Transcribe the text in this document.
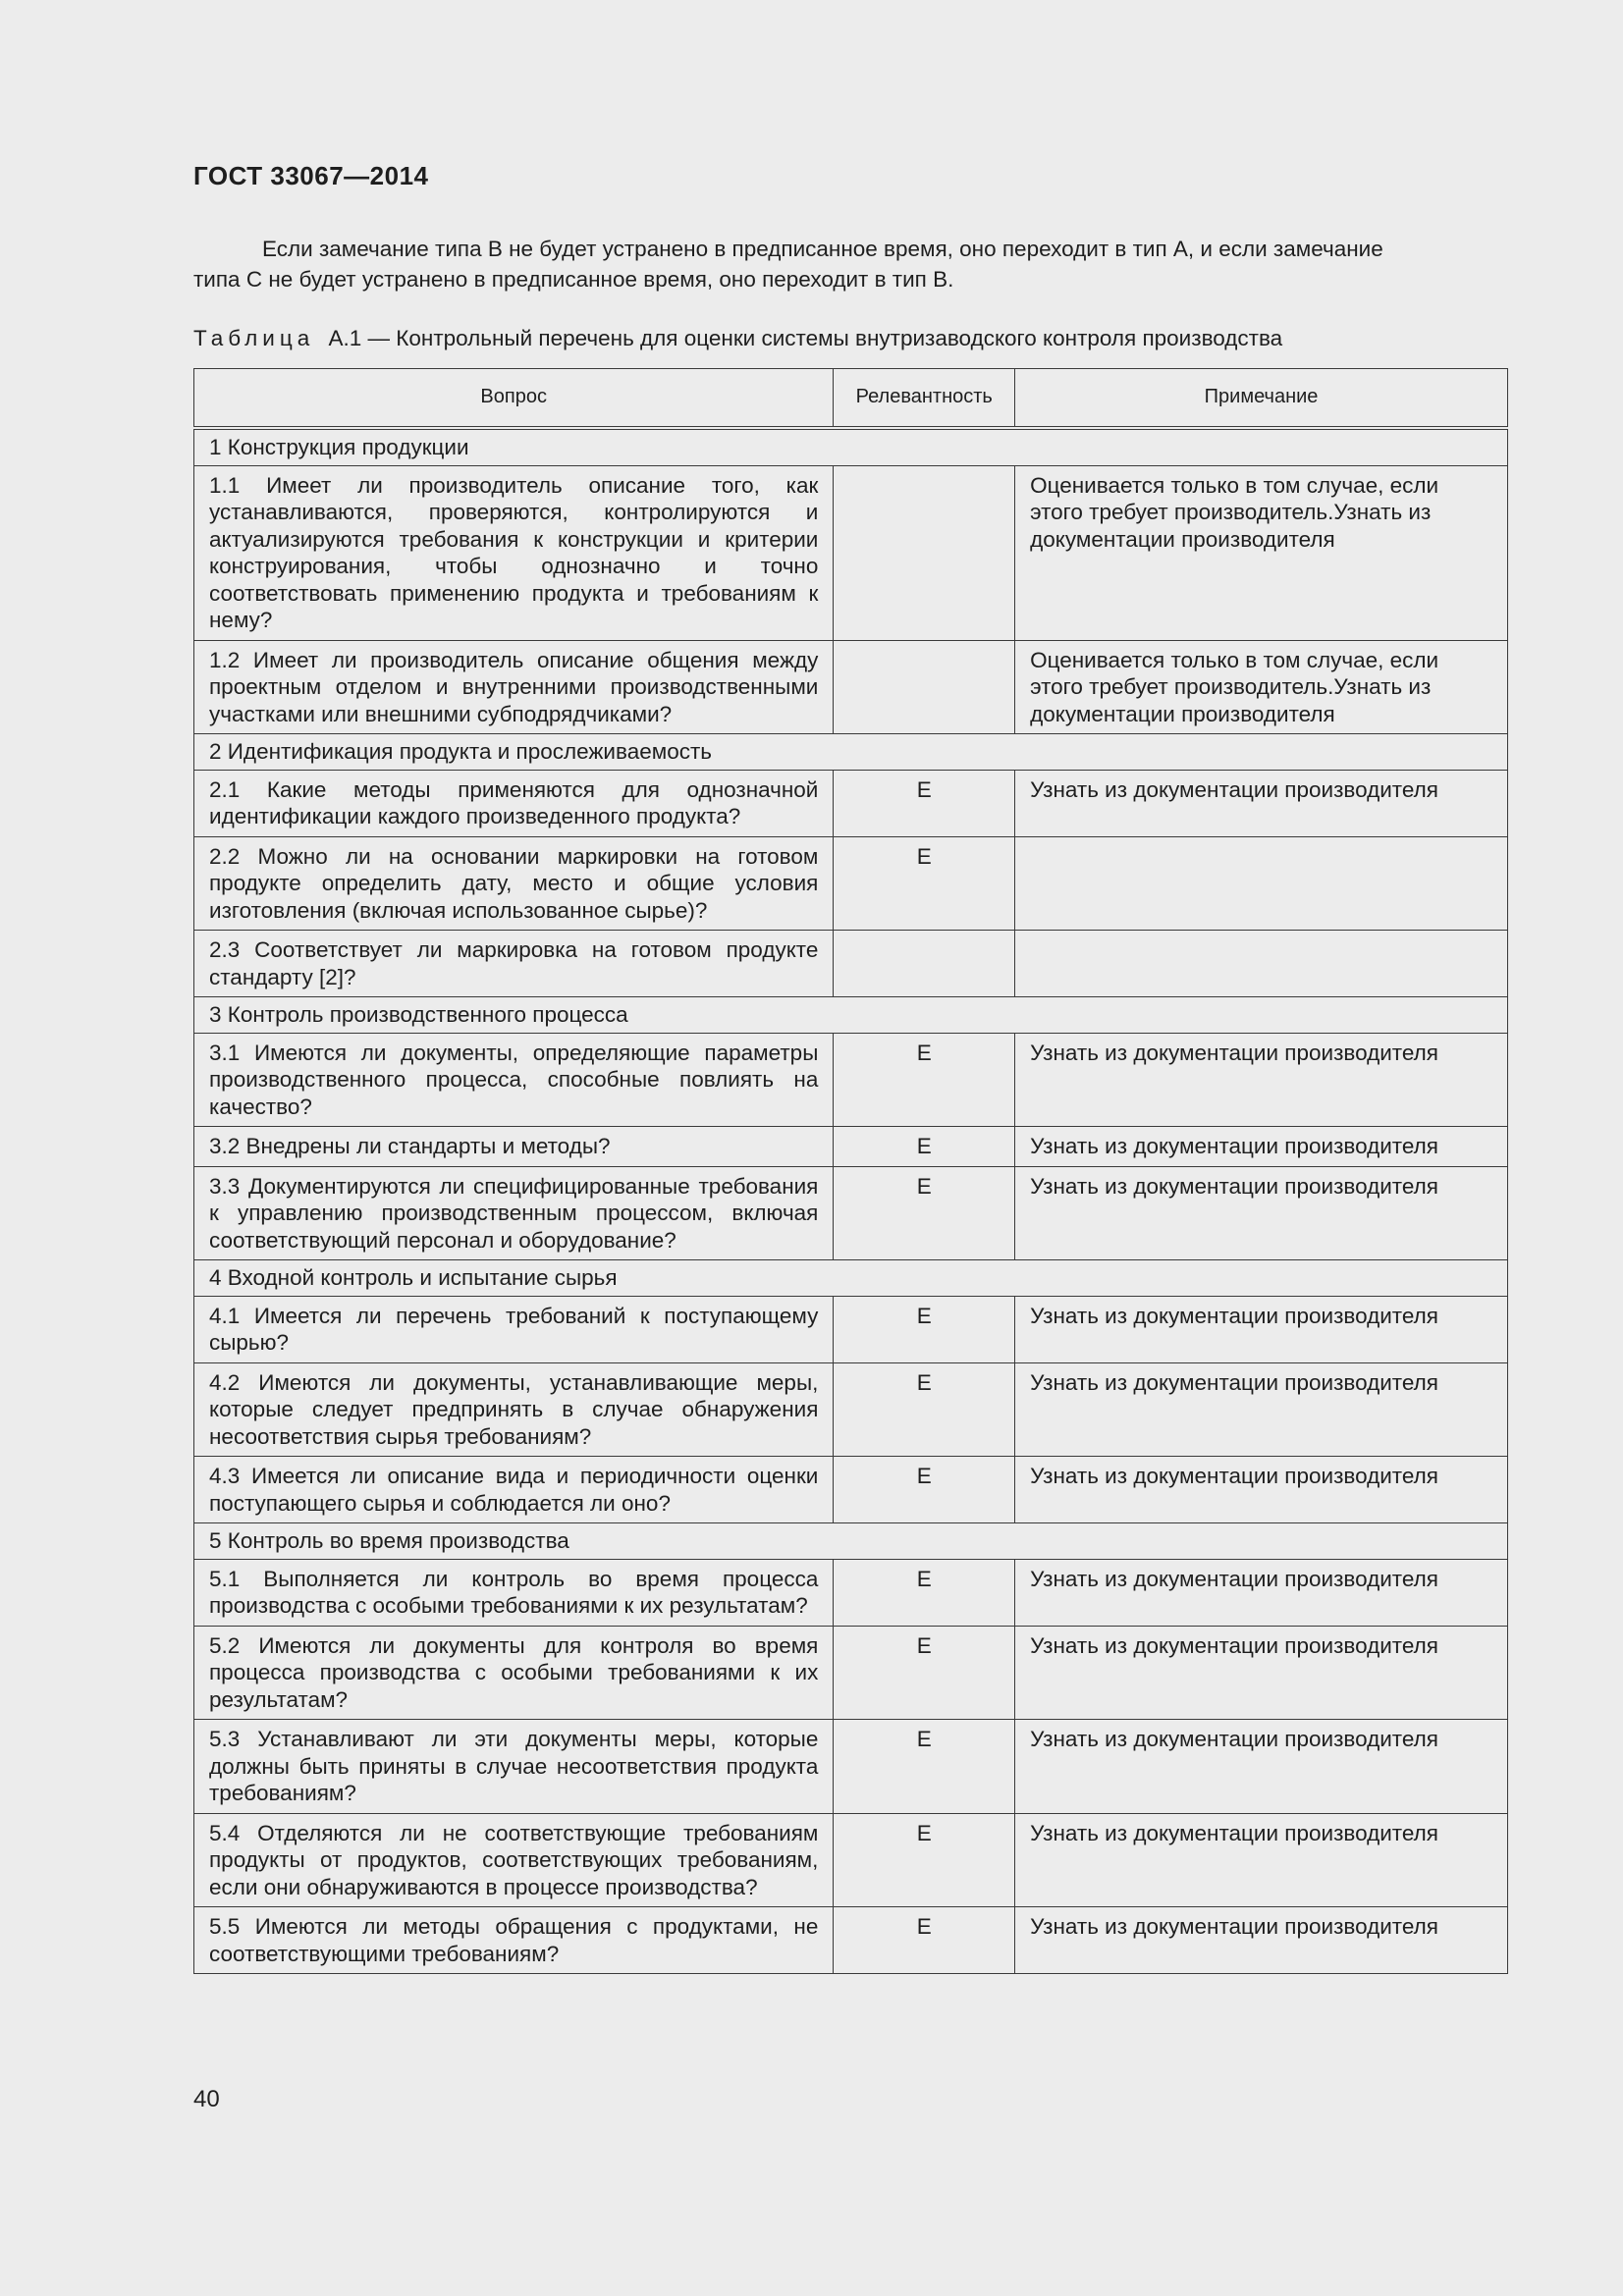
ГОСТ 33067—2014
Если замечание типа B не будет устранено в предписанное время, оно переходит в тип A, и если замечание
типа C не будет устранено в предписанное время, оно переходит в тип B.
Таблица A.1 — Контрольный перечень для оценки системы внутризаводского контроля производства
Вопрос	Релевантность	Примечание
1 Конструкция продукции		
1.1 Имеет ли производитель описание того, как устанавливаются, проверяются, контролируются и актуализируются требования к конструкции и критерии конструирования, чтобы однозначно и точно соответствовать применению продукта и требованиям к нему?		Оценивается только в том случае, если этого требует производитель.Узнать из документации производителя
1.2 Имеет ли производитель описание общения между проектным отделом и внутренними производственными участками или внешними субподрядчиками?		Оценивается только в том случае, если этого требует производитель.Узнать из документации производителя
2 Идентификация продукта и прослеживаемость		
2.1 Какие методы применяются для однозначной идентификации каждого произведенного продукта?	E	Узнать из документации производителя
2.2 Можно ли на основании маркировки на готовом продукте определить дату, место и общие условия изготовления (включая использованное сырье)?	E	
2.3 Соответствует ли маркировка на готовом продукте стандарту [2]?		
3 Контроль производственного процесса		
3.1 Имеются ли документы, определяющие параметры производственного процесса, способные повлиять на качество?	E	Узнать из документации производителя
3.2 Внедрены ли стандарты и методы?	E	Узнать из документации производителя
3.3 Документируются ли специфицированные требования к управлению производственным процессом, включая соответствующий персонал и оборудование?	E	Узнать из документации производителя
4 Входной контроль и испытание сырья		
4.1 Имеется ли перечень требований к поступающему сырью?	E	Узнать из документации производителя
4.2 Имеются ли документы, устанавливающие меры, которые следует предпринять в случае обнаружения несоответствия сырья требованиям?	E	Узнать из документации производителя
4.3 Имеется ли описание вида и периодичности оценки поступающего сырья и соблюдается ли оно?	E	Узнать из документации производителя
5 Контроль во время производства		
5.1 Выполняется ли контроль во время процесса производства с особыми требованиями к их результатам?	E	Узнать из документации производителя
5.2 Имеются ли документы для контроля во время процесса производства с особыми требованиями к их результатам?	E	Узнать из документации производителя
5.3 Устанавливают ли эти документы меры, которые должны быть приняты в случае несоответствия продукта требованиям?	E	Узнать из документации производителя
5.4 Отделяются ли не соответствующие требованиям продукты от продуктов, соответствующих требованиям, если они обнаруживаются в процессе производства?	E	Узнать из документации производителя
5.5 Имеются ли методы обращения с продуктами, не соответствующими требованиям?	E	Узнать из документации производителя
40
